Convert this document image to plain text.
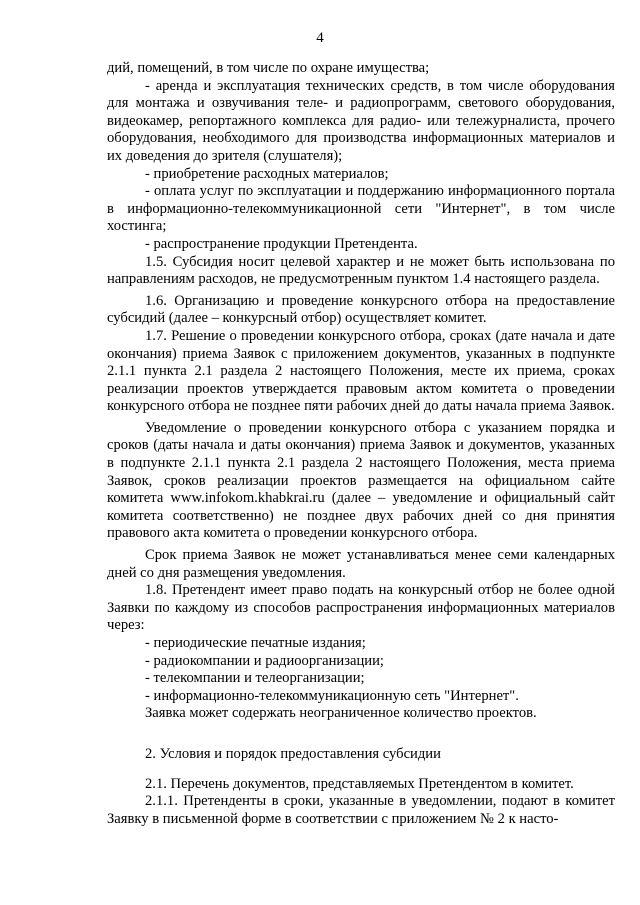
4

дий, помещений, в том числе по охране имущества;

- аренда и эксплуатация технических средств, в том числе оборудования для монтажа и озвучивания теле- и радиопрограмм, светового оборудования, видеокамер, репортажного комплекса для радио- или тележурналиста, прочего оборудования, необходимого для производства информационных материалов и их доведения до зрителя (слушателя);

- приобретение расходных материалов;

- оплата услуг по эксплуатации и поддержанию информационного портала в информационно-телекоммуникационной сети "Интернет", в том числе хостинга;

- распространение продукции Претендента.

1.5. Субсидия носит целевой характер и не может быть использована по направлениям расходов, не предусмотренным пунктом 1.4 настоящего раздела.

1.6. Организацию и проведение конкурсного отбора на предоставление субсидий (далее – конкурсный отбор) осуществляет комитет.

1.7. Решение о проведении конкурсного отбора, сроках (дате начала и дате окончания) приема Заявок с приложением документов, указанных в подпункте 2.1.1 пункта 2.1 раздела 2 настоящего Положения, месте их приема, сроках реализации проектов утверждается правовым актом комитета о проведении конкурсного отбора не позднее пяти рабочих дней до даты начала приема Заявок.

Уведомление о проведении конкурсного отбора с указанием порядка и сроков (даты начала и даты окончания) приема Заявок и документов, указанных в подпункте 2.1.1 пункта 2.1 раздела 2 настоящего Положения, места приема Заявок, сроков реализации проектов размещается на официальном сайте комитета www.infokom.khabkrai.ru (далее – уведомление и официальный сайт комитета соответственно) не позднее двух рабочих дней со дня принятия правового акта комитета о проведении конкурсного отбора.

Срок приема Заявок не может устанавливаться менее семи календарных дней со дня размещения уведомления.

1.8. Претендент имеет право подать на конкурсный отбор не более одной Заявки по каждому из способов распространения информационных материалов через:

- периодические печатные издания;

- радиокомпании и радиоорганизации;

- телекомпании и телеорганизации;

- информационно-телекоммуникационную сеть "Интернет".

Заявка может содержать неограниченное количество проектов.

2. Условия и порядок предоставления субсидии

2.1. Перечень документов, представляемых Претендентом в комитет.

2.1.1. Претенденты в сроки, указанные в уведомлении, подают в комитет Заявку в письменной форме в соответствии с приложением № 2 к насто-
